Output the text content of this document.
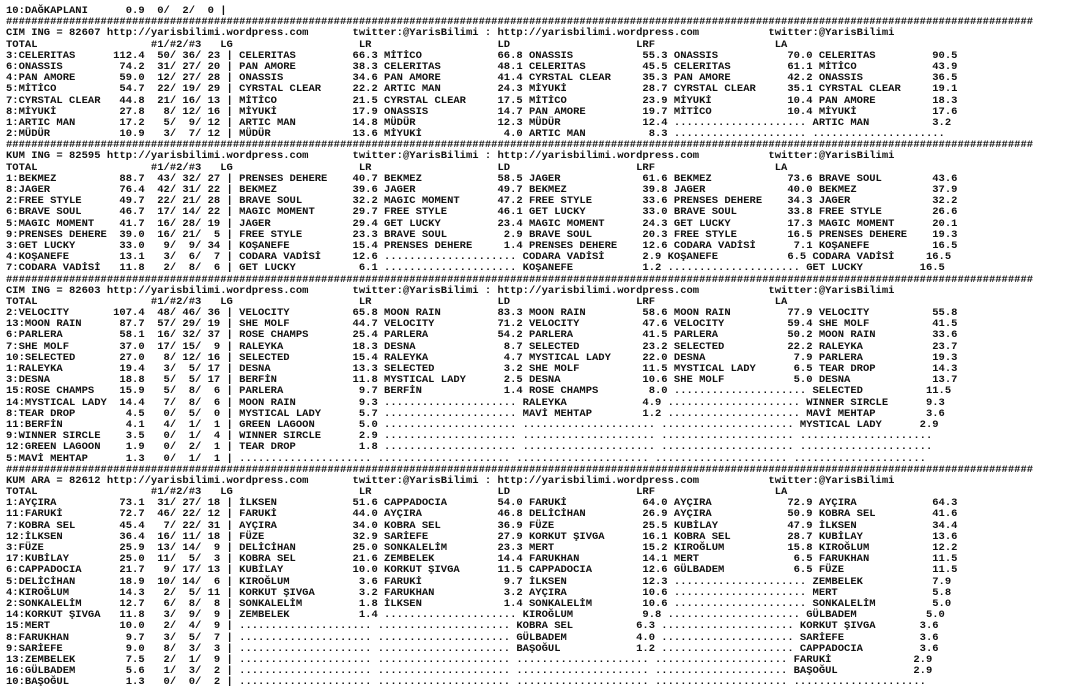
10:DAĞKAPLANI      0.9  0/  2/  0 |
###################################################################################################################################################################
CIM ING = 82607 http://yarisbilimi.wordpress.com       twitter:@YarisBilimi : http://yarisbilimi.wordpress.com           twitter:@YarisBilimi
TOTAL                  #1/#2/#3   LG                    LR                    LD                    LRF                   LA
3:CELERITAS      112.4  50/ 36/ 23 | CELERITAS         66.3 MİTİCO            66.8 ONASSIS           55.3 ONASSIS           70.0 CELERITAS         90.5
6:ONASSIS         74.2  31/ 27/ 20 | PAN AMORE         38.3 CELERITAS         48.1 CELERITAS         45.5 CELERITAS         61.1 MİTİCO            43.9
4:PAN AMORE       59.0  12/ 27/ 28 | ONASSIS           34.6 PAN AMORE         41.4 CYRSTAL CLEAR     35.3 PAN AMORE         42.2 ONASSIS           36.5
5:MİTİCO          54.7  22/ 19/ 29 | CYRSTAL CLEAR     22.2 ARTIC MAN         24.3 MİYUKİ            28.7 CYRSTAL CLEAR     35.1 CYRSTAL CLEAR     19.1
7:CYRSTAL CLEAR   44.8  21/ 16/ 13 | MİTİCO            21.5 CYRSTAL CLEAR     17.5 MİTİCO            23.9 MİYUKİ            10.4 PAN AMORE         18.3
8:MİYUKİ          27.8   8/ 12/ 16 | MİYUKİ            17.9 ONASSIS           14.7 PAN AMORE         19.7 MİTİCO            10.4 MİYUKİ            17.6
1:ARTIC MAN       17.2   5/  9/ 12 | ARTIC MAN         14.8 MÜDÜR             12.3 MÜDÜR             12.4 ..................... ARTIC MAN          3.2
2:MÜDÜR           10.9   3/  7/ 12 | MÜDÜR             13.6 MİYUKİ             4.0 ARTIC MAN          8.3 ..................... .....................
###################################################################################################################################################################
KUM ING = 82595 http://yarisbilimi.wordpress.com       twitter:@YarisBilimi : http://yarisbilimi.wordpress.com           twitter:@YarisBilimi
TOTAL                  #1/#2/#3   LG                    LR                    LD                    LRF                   LA
1:BEKMEZ          88.7  43/ 32/ 27 | PRENSES DEHERE    40.7 BEKMEZ            58.5 JAGER             61.6 BEKMEZ            73.6 BRAVE SOUL        43.6
8:JAGER           76.4  42/ 31/ 22 | BEKMEZ            39.6 JAGER             49.7 BEKMEZ            39.8 JAGER             40.0 BEKMEZ            37.9
2:FREE STYLE      49.7  22/ 21/ 28 | BRAVE SOUL        32.2 MAGIC MOMENT      47.2 FREE STYLE        33.6 PRENSES DEHERE    34.3 JAGER             32.2
6:BRAVE SOUL      46.7  17/ 14/ 22 | MAGIC MOMENT      29.7 FREE STYLE        46.1 GET LUCKY         33.0 BRAVE SOUL        33.8 FREE STYLE        26.6
5:MAGIC MOMENT    41.7  16/ 28/ 19 | JAGER             29.4 GET LUCKY         23.4 MAGIC MOMENT      24.3 GET LUCKY         17.3 MAGIC MOMENT      20.1
9:PRENSES DEHERE  39.0  16/ 21/  5 | FREE STYLE        23.3 BRAVE SOUL         2.9 BRAVE SOUL        20.3 FREE STYLE        16.5 PRENSES DEHERE    19.3
3:GET LUCKY       33.0   9/  9/ 34 | KOŞANEFE          15.4 PRENSES DEHERE     1.4 PRENSES DEHERE    12.6 CODARA VADİSİ      7.1 KOŞANEFE          16.5
4:KOŞANEFE        13.1   3/  6/  7 | CODARA VADİSİ     12.6 ..................... CODARA VADİSİ      2.9 KOŞANEFE           6.5 CODARA VADİSİ     16.5
7:CODARA VADİSİ   11.8   2/  8/  6 | GET LUCKY          6.1 ..................... KOŞANEFE           1.2 ..................... GET LUCKY         16.5
###################################################################################################################################################################
CIM ING = 82603 http://yarisbilimi.wordpress.com       twitter:@YarisBilimi : http://yarisbilimi.wordpress.com           twitter:@YarisBilimi
TOTAL                  #1/#2/#3   LG                    LR                    LD                    LRF                   LA
2:VELOCITY       107.4  48/ 46/ 36 | VELOCITY          65.8 MOON RAIN         83.3 MOON RAIN         58.6 MOON RAIN         77.9 VELOCITY          55.8
13:MOON RAIN      87.7  57/ 29/ 19 | SHE MOLF          44.7 VELOCITY          71.2 VELOCITY          47.6 VELOCITY          59.4 SHE MOLF          41.5
6:PARLERA         58.1  16/ 32/ 37 | ROSE CHAMPS       25.4 PARLERA           54.2 PARLERA           41.5 PARLERA           50.2 MOON RAIN         33.6
7:SHE MOLF        37.0  17/ 15/  9 | RALEYKA           18.3 DESNA              8.7 SELECTED          23.2 SELECTED          22.2 RALEYKA           23.7
10:SELECTED       27.0   8/ 12/ 16 | SELECTED          15.4 RALEYKA            4.7 MYSTICAL LADY     22.0 DESNA              7.9 PARLERA           19.3
1:RALEYKA         19.4   3/  5/ 17 | DESNA             13.3 SELECTED           3.2 SHE MOLF          11.5 MYSTICAL LADY      6.5 TEAR DROP         14.3
3:DESNA           18.8   5/  5/ 17 | BERFİN            11.8 MYSTICAL LADY      2.5 DESNA             10.6 SHE MOLF           5.0 DESNA             13.7
15:ROSE CHAMPS    15.9   5/  8/  6 | PARLERA            9.7 BERFİN             1.4 ROSE CHAMPS        8.0 ..................... SELECTED          11.5
14:MYSTICAL LADY  14.4   7/  8/  6 | MOON RAIN          9.3 ..................... RALEYKA            4.9 ..................... WINNER SIRCLE      9.3
8:TEAR DROP        4.5   0/  5/  0 | MYSTICAL LADY      5.7 ..................... MAVİ MEHTAP        1.2 ..................... MAVİ MEHTAP        3.6
11:BERFİN          4.1   4/  1/  1 | GREEN LAGOON       5.0 ..................... ..................... ..................... MYSTICAL LADY      2.9
9:WINNER SIRCLE    3.5   0/  1/  4 | WINNER SIRCLE      2.9 ..................... ..................... ..................... .....................
12:GREEN LAGOON    1.9   0/  2/  1 | TEAR DROP          1.8 ..................... ..................... ..................... .....................
5:MAVİ MEHTAP      1.3   0/  1/  1 | ..................... ..................... ..................... ..................... .....................
###################################################################################################################################################################
KUM ARA = 82612 http://yarisbilimi.wordpress.com       twitter:@YarisBilimi : http://yarisbilimi.wordpress.com           twitter:@YarisBilimi
TOTAL                  #1/#2/#3   LG                    LR                    LD                    LRF                   LA
1:AYÇIRA          73.1  31/ 27/ 18 | İLKSEN            51.6 CAPPADOCIA        54.0 FARUKİ            64.0 AYÇIRA            72.9 AYÇIRA            64.3
11:FARUKİ         72.7  46/ 22/ 12 | FARUKİ            44.0 AYÇIRA            46.8 DELİCİHAN         26.9 AYÇIRA            50.9 KOBRA SEL         41.6
7:KOBRA SEL       45.4   7/ 22/ 31 | AYÇIRA            34.0 KOBRA SEL         36.9 FÜZE              25.5 KUBİLAY           47.9 İLKSEN            34.4
12:İLKSEN         36.4  16/ 11/ 18 | FÜZE              32.9 SARİEFE           27.9 KORKUT ŞIVGA      16.1 KOBRA SEL         28.7 KUBİLAY           13.6
3:FÜZE            25.9  13/ 14/  9 | DELİCİHAN         25.0 SONKALELİM        23.3 MERT              15.2 KIROĞLUM          15.8 KIROĞLUM          12.2
17:KUBİLAY        25.0  11/  5/  3 | KOBRA SEL         21.6 ZEMBELEK          14.4 FARUKHAN          14.1 MERT               6.5 FARUKHAN          11.5
6:CAPPADOCIA      21.7   9/ 17/ 13 | KUBİLAY           10.0 KORKUT ŞIVGA      11.5 CAPPADOCIA        12.6 GÜLBADEM           6.5 FÜZE              11.5
5:DELİCİHAN       18.9  10/ 14/  6 | KIROĞLUM           3.6 FARUKİ             9.7 İLKSEN            12.3 ..................... ZEMBELEK           7.9
4:KIROĞLUM        14.3   2/  5/ 11 | KORKUT ŞIVGA       3.2 FARUKHAN           3.2 AYÇIRA            10.6 ..................... MERT               5.8
2:SONKALELİM      12.7   6/  8/  8 | SONKALELİM         1.8 İLKSEN             1.4 SONKALELİM        10.6 ..................... SONKALELİM         5.0
14:KORKUT ŞIVGA   11.8   3/  9/  9 | ZEMBELEK           1.4 ..................... KIROĞLUM           9.8 ..................... GÜLBADEM           5.0
15:MERT           10.0   2/  4/  9 | ..................... ..................... KOBRA SEL          6.3 ..................... KORKUT ŞIVGA       3.6
8:FARUKHAN         9.7   3/  5/  7 | ..................... ..................... GÜLBADEM           4.0 ..................... SARİEFE            3.6
9:SARİEFE          9.0   8/  3/  3 | ..................... ..................... BAŞOĞUL            1.2 ..................... CAPPADOCIA         3.6
13:ZEMBELEK        7.5   2/  1/  9 | ..................... ..................... ..................... ..................... FARUKİ             2.9
16:GÜLBADEM        5.6   1/  3/  2 | ..................... ..................... ..................... ..................... BAŞOĞUL            2.9
10:BAŞOĞUL         1.3   0/  0/  2 | ..................... ..................... ..................... ..................... .....................
